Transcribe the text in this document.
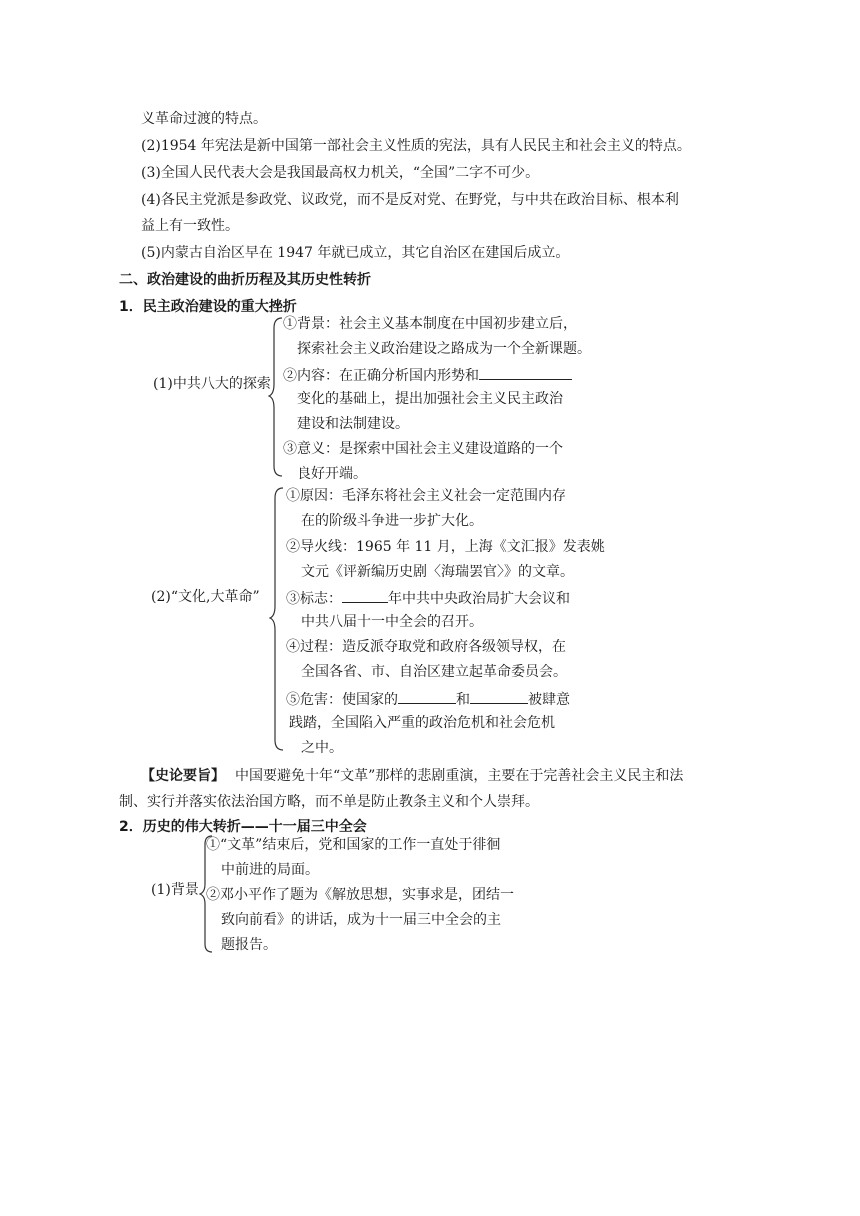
义革命过渡的特点。
(2)1954 年宪法是新中国第一部社会主义性质的宪法，具有人民民主和社会主义的特点。
(3)全国人民代表大会是我国最高权力机关，“全国”二字不可少。
(4)各民主党派是参政党、议政党，而不是反对党、在野党，与中共在政治目标、根本利
益上有一致性。
(5)内蒙古自治区早在 1947 年就已成立，其它自治区在建国后成立。
二、政治建设的曲折历程及其历史性转折
1．民主政治建设的重大挫折
(1)中共八大的探索
①背景：社会主义基本制度在中国初步建立后，
探索社会主义政治建设之路成为一个全新课题。
②内容：在正确分析国内形势和
变化的基础上，提出加强社会主义民主政治
建设和法制建设。
③意义：是探索中国社会主义建设道路的一个
良好开端。
(2)“文化,大革命”
①原因：毛泽东将社会主义社会一定范围内存
在的阶级斗争进一步扩大化。
②导火线：1965 年 11 月，上海《文汇报》发表姚
文元《评新编历史剧〈海瑞罢官〉》的文章。
③标志：	年中共中央政治局扩大会议和
中共八届十一中全会的召开。
④过程：造反派夺取党和政府各级领导权，在
全国各省、市、自治区建立起革命委员会。
⑤危害：使国家的	和	被肆意
践踏，全国陷入严重的政治危机和社会危机
之中。
【史论要旨】 中国要避免十年“文革”那样的悲剧重演，主要在于完善社会主义民主和法
制、实行并落实依法治国方略，而不单是防止教条主义和个人崇拜。
2．历史的伟大转折——十一届三中全会
(1)背景
①“文革”结束后，党和国家的工作一直处于徘徊
中前进的局面。
②邓小平作了题为《解放思想，实事求是，团结一
致向前看》的讲话，成为十一届三中全会的主
题报告。
